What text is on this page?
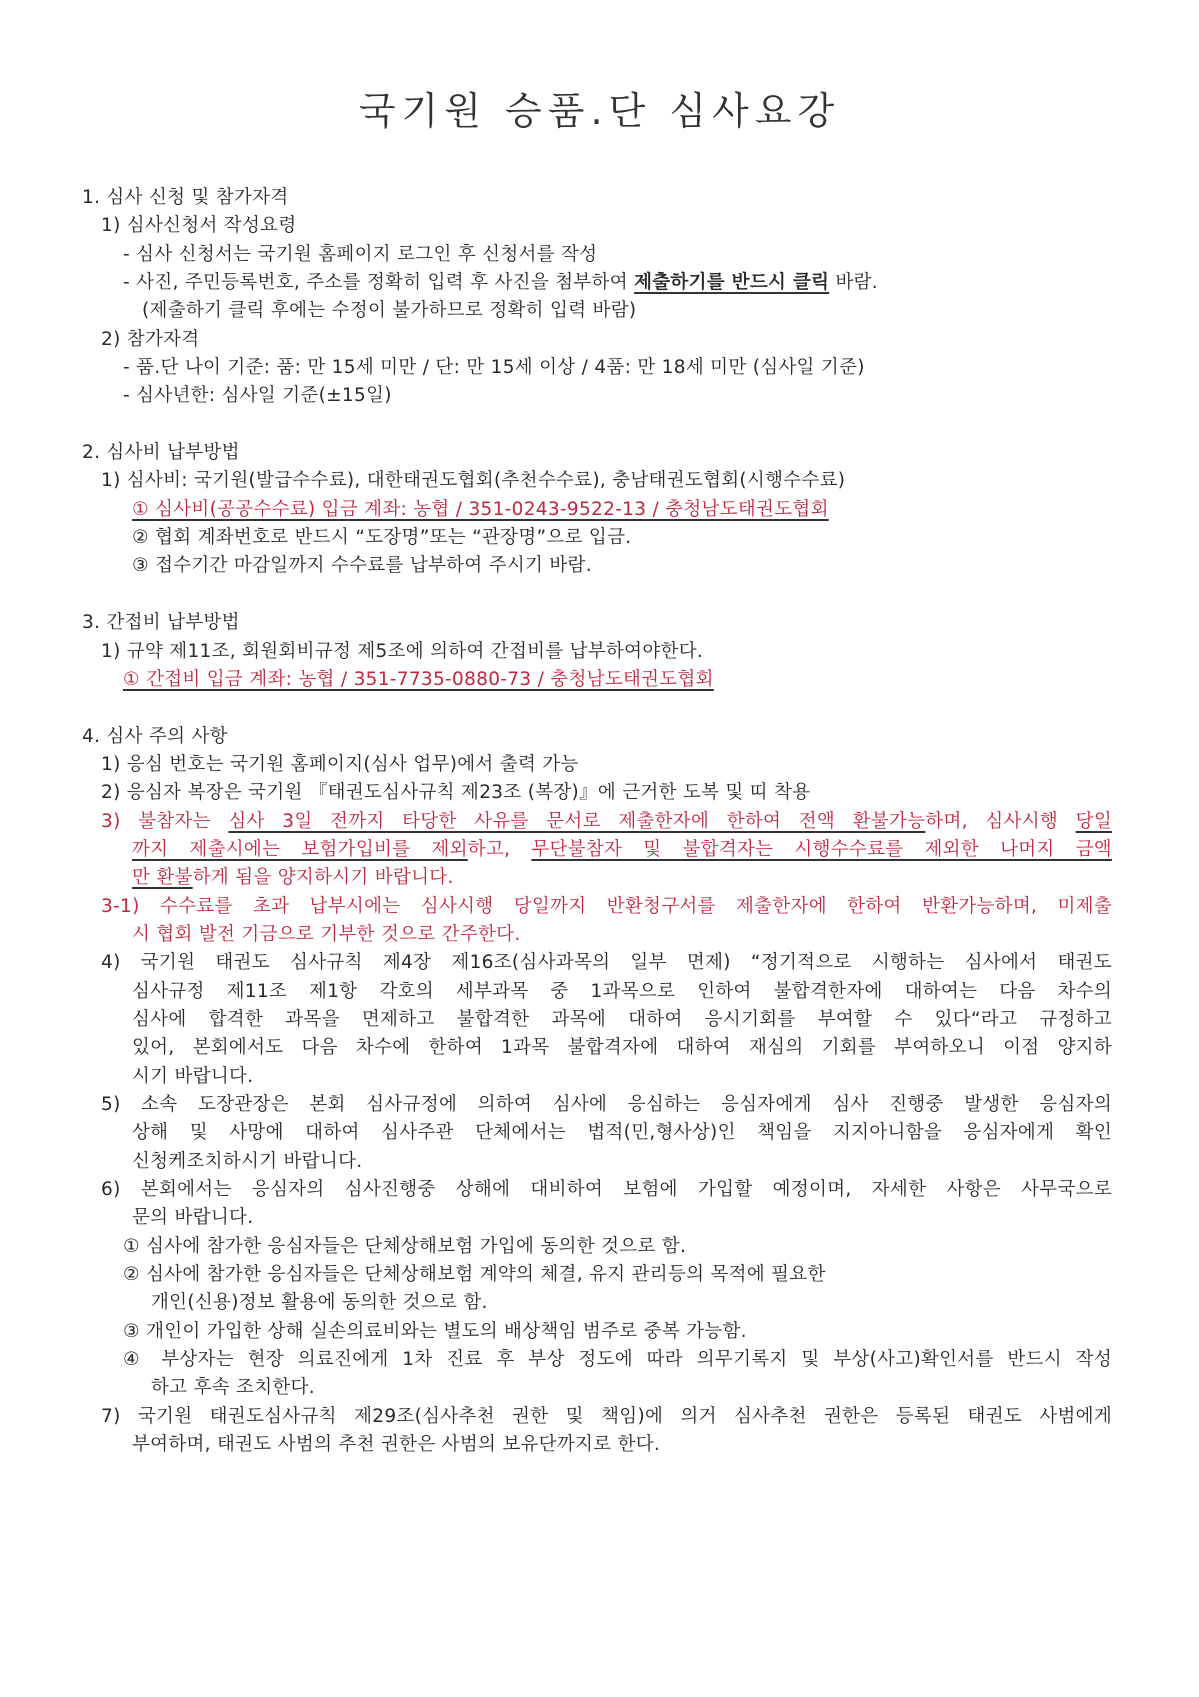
국기원 승품.단 심사요강
1. 심사 신청 및 참가자격
1) 심사신청서 작성요령
- 심사 신청서는 국기원 홈페이지 로그인 후 신청서를 작성
- 사진, 주민등록번호, 주소를 정확히 입력 후 사진을 첨부하여 제출하기를 반드시 클릭 바람.
(제출하기 클릭 후에는 수정이 불가하므로 정확히 입력 바람)
2) 참가자격
- 품.단 나이 기준: 품: 만 15세 미만 / 단: 만 15세 이상 / 4품: 만 18세 미만 (심사일 기준)
- 심사년한: 심사일 기준(±15일)
2. 심사비 납부방법
1) 심사비: 국기원(발급수수료), 대한태권도협회(추천수수료), 충남태권도협회(시행수수료)
① 심사비(공공수수료) 입금 계좌: 농협 / 351-0243-9522-13 / 충청남도태권도협회
② 협회 계좌번호로 반드시 “도장명”또는 “관장명”으로 입금.
③ 접수기간 마감일까지 수수료를 납부하여 주시기 바람.
3. 간접비 납부방법
1) 규약 제11조, 회원회비규정 제5조에 의하여 간접비를 납부하여야한다.
① 간접비 입금 계좌: 농협 / 351-7735-0880-73 / 충청남도태권도협회
4. 심사 주의 사항
1) 응심 번호는 국기원 홈페이지(심사 업무)에서 출력 가능
2) 응심자 복장은 국기원 『태권도심사규칙 제23조 (복장)』에 근거한 도복 및 띠 착용
3) 불참자는 심사 3일 전까지 타당한 사유를 문서로 제출한자에 한하여 전액 환불가능하며, 심사시행 당일
까지 제출시에는 보험가입비를 제외하고, 무단불참자 및 불합격자는 시행수수료를 제외한 나머지 금액
만 환불하게 됨을 양지하시기 바랍니다.
3-1) 수수료를 초과 납부시에는 심사시행 당일까지 반환청구서를 제출한자에 한하여 반환가능하며, 미제출
시 협회 발전 기금으로 기부한 것으로 간주한다.
4) 국기원 태권도 심사규칙 제4장 제16조(심사과목의 일부 면제) “정기적으로 시행하는 심사에서 태권도
심사규정 제11조 제1항 각호의 세부과목 중 1과목으로 인하여 불합격한자에 대하여는 다음 차수의
심사에 합격한 과목을 면제하고 불합격한 과목에 대하여 응시기회를 부여할 수 있다“라고 규정하고
있어, 본회에서도 다음 차수에 한하여 1과목 불합격자에 대하여 재심의 기회를 부여하오니 이점 양지하
시기 바랍니다.
5) 소속 도장관장은 본회 심사규정에 의하여 심사에 응심하는 응심자에게 심사 진행중 발생한 응심자의
상해 및 사망에 대하여 심사주관 단체에서는 법적(민,형사상)인 책임을 지지아니함을 응심자에게 확인
신청케조치하시기 바랍니다.
6) 본회에서는 응심자의 심사진행중 상해에 대비하여 보험에 가입할 예정이며, 자세한 사항은 사무국으로
문의 바랍니다.
① 심사에 참가한 응심자들은 단체상해보험 가입에 동의한 것으로 함.
② 심사에 참가한 응심자들은 단체상해보험 계약의 체결, 유지 관리등의 목적에 필요한
개인(신용)정보 활용에 동의한 것으로 함.
③ 개인이 가입한 상해 실손의료비와는 별도의 배상책임 범주로 중복 가능함.
④ 부상자는 현장 의료진에게 1차 진료 후 부상 정도에 따라 의무기록지 및 부상(사고)확인서를 반드시 작성
하고 후속 조치한다.
7) 국기원 태권도심사규칙 제29조(심사추천 권한 및 책임)에 의거 심사추천 권한은 등록된 태권도 사범에게
부여하며, 태권도 사범의 추천 권한은 사범의 보유단까지로 한다.
